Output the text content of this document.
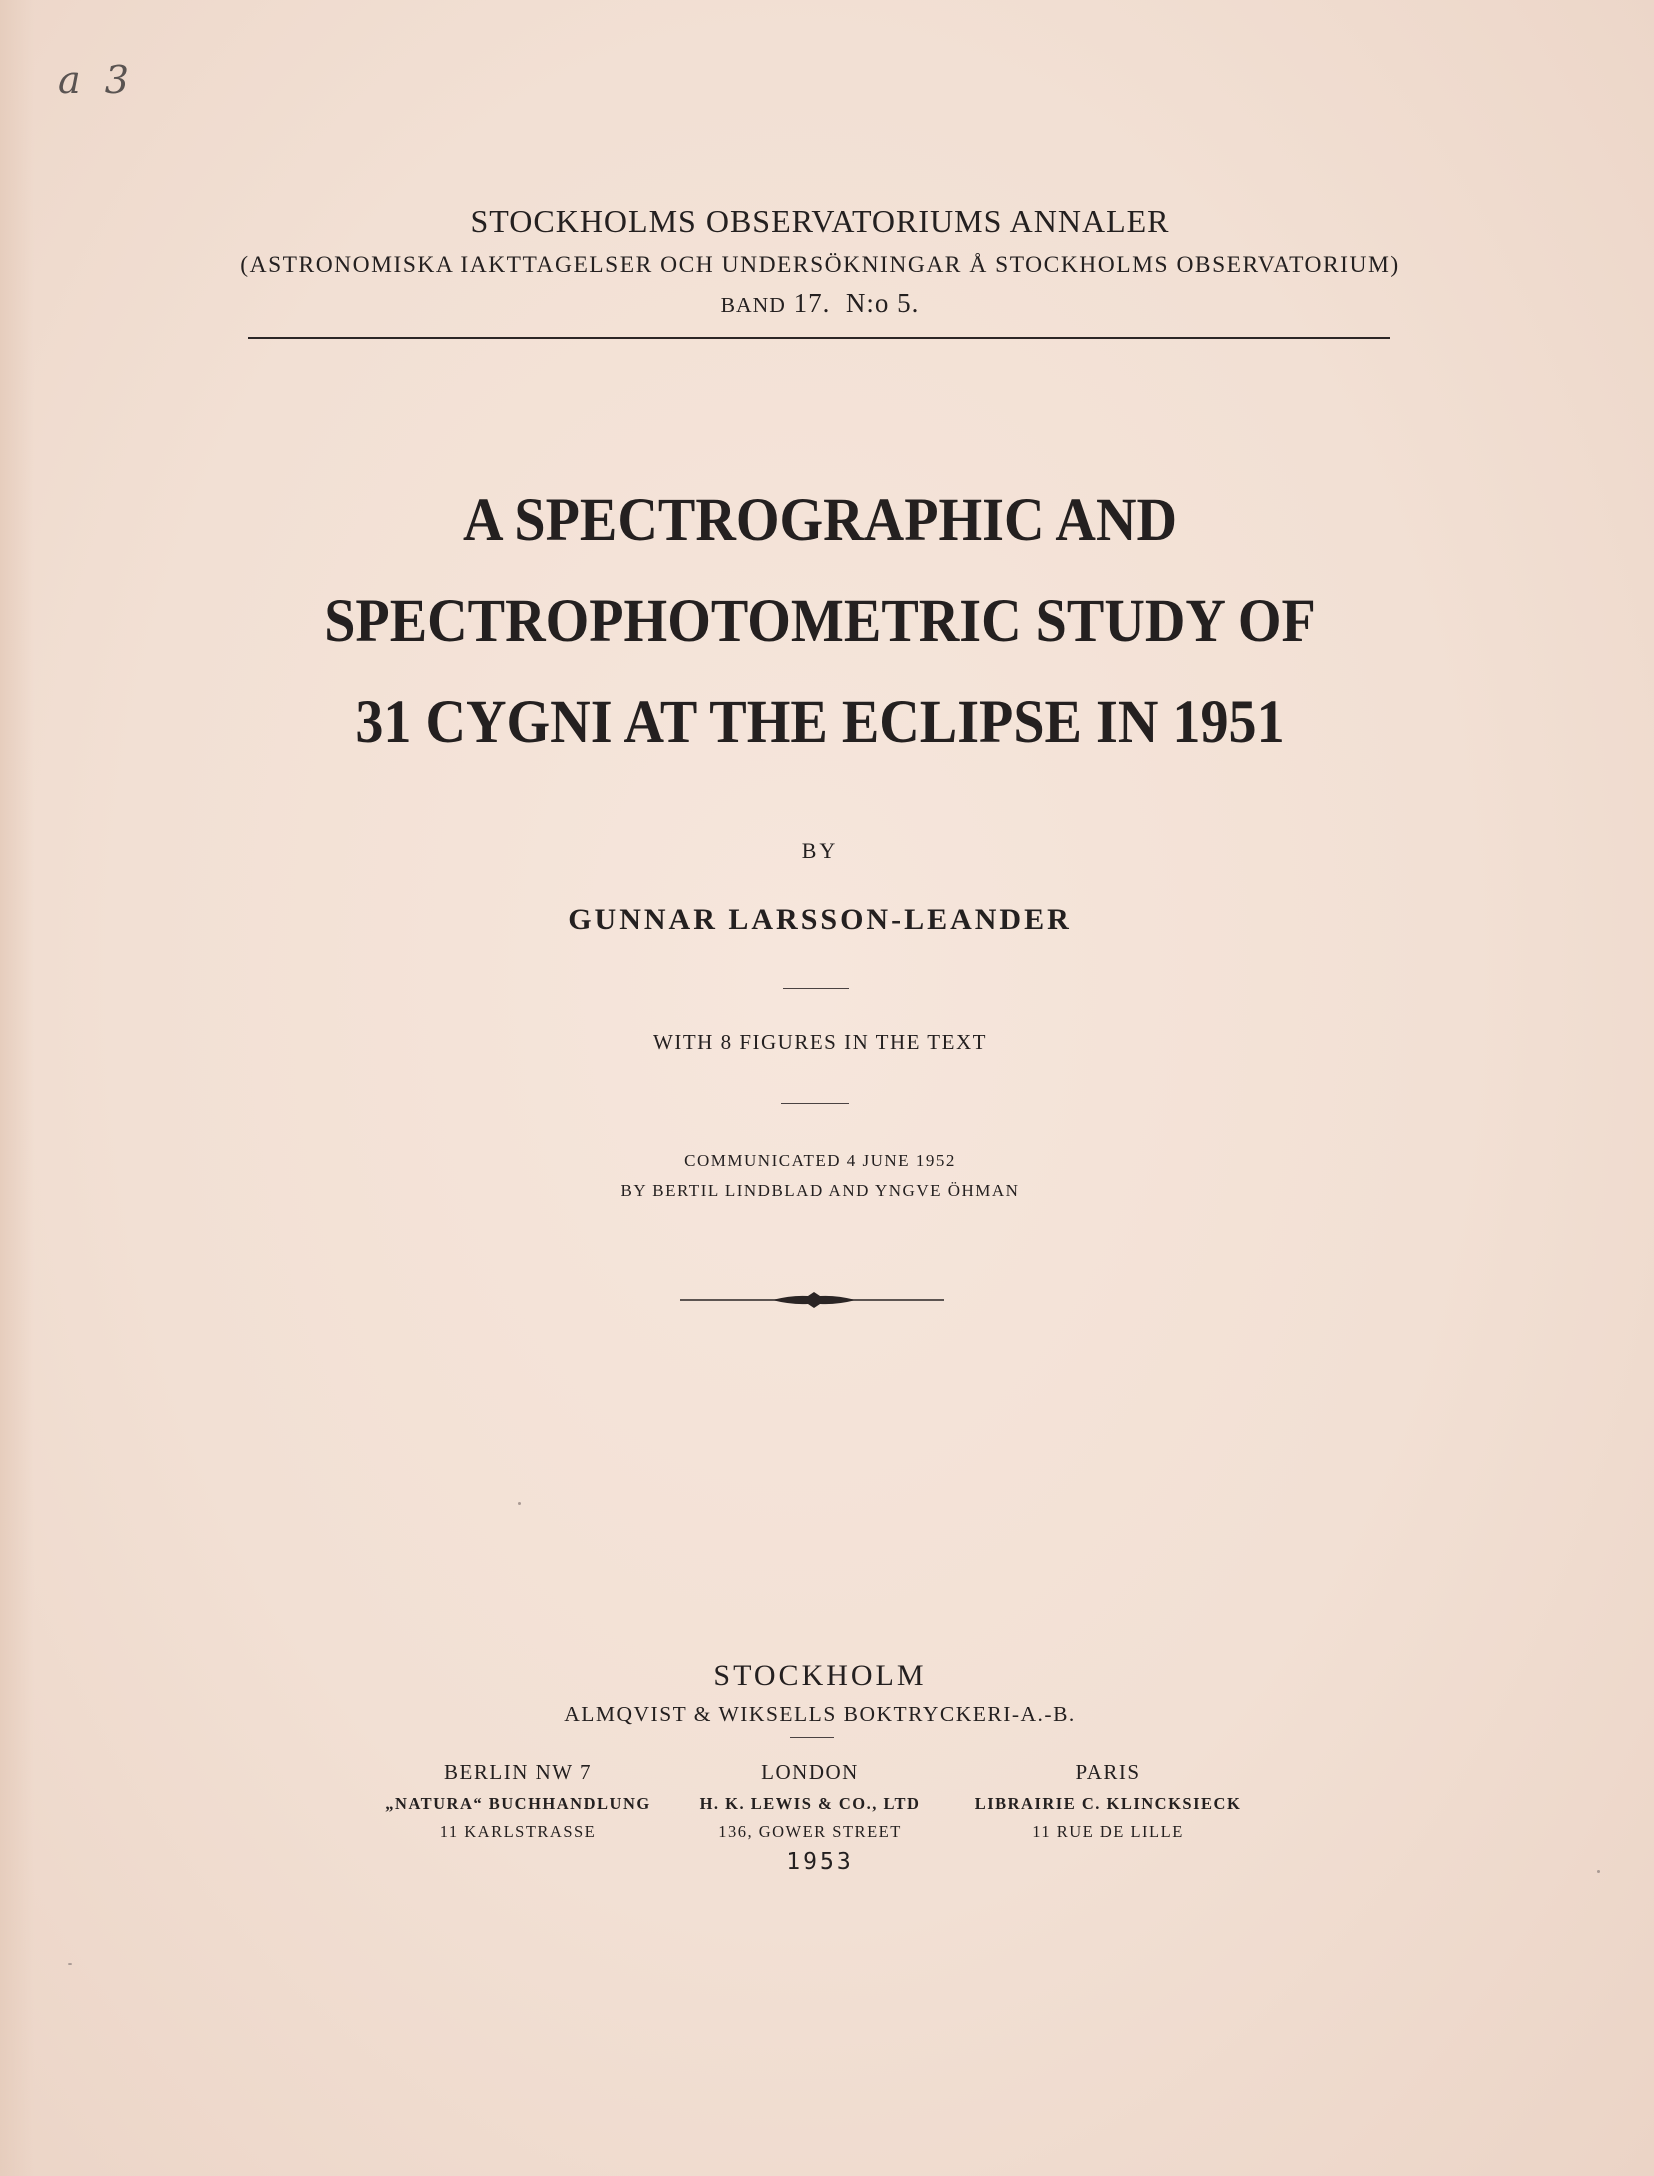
a 3
STOCKHOLMS OBSERVATORIUMS ANNALER
(ASTRONOMISKA IAKTTAGELSER OCH UNDERSÖKNINGAR Å STOCKHOLMS OBSERVATORIUM)
BAND 17. N:o 5.
A SPECTROGRAPHIC AND
SPECTROPHOTOMETRIC STUDY OF
31 CYGNI AT THE ECLIPSE IN 1951
BY
GUNNAR LARSSON-LEANDER
WITH 8 FIGURES IN THE TEXT
COMMUNICATED 4 JUNE 1952
BY BERTIL LINDBLAD AND YNGVE ÖHMAN
STOCKHOLM
ALMQVIST & WIKSELLS BOKTRYCKERI-A.-B.
BERLIN NW 7
„NATURA“ BUCHHANDLUNG
11 KARLSTRASSE
LONDON
H. K. LEWIS & CO., LTD
136, GOWER STREET
PARIS
LIBRAIRIE C. KLINCKSIECK
11 RUE DE LILLE
1953
